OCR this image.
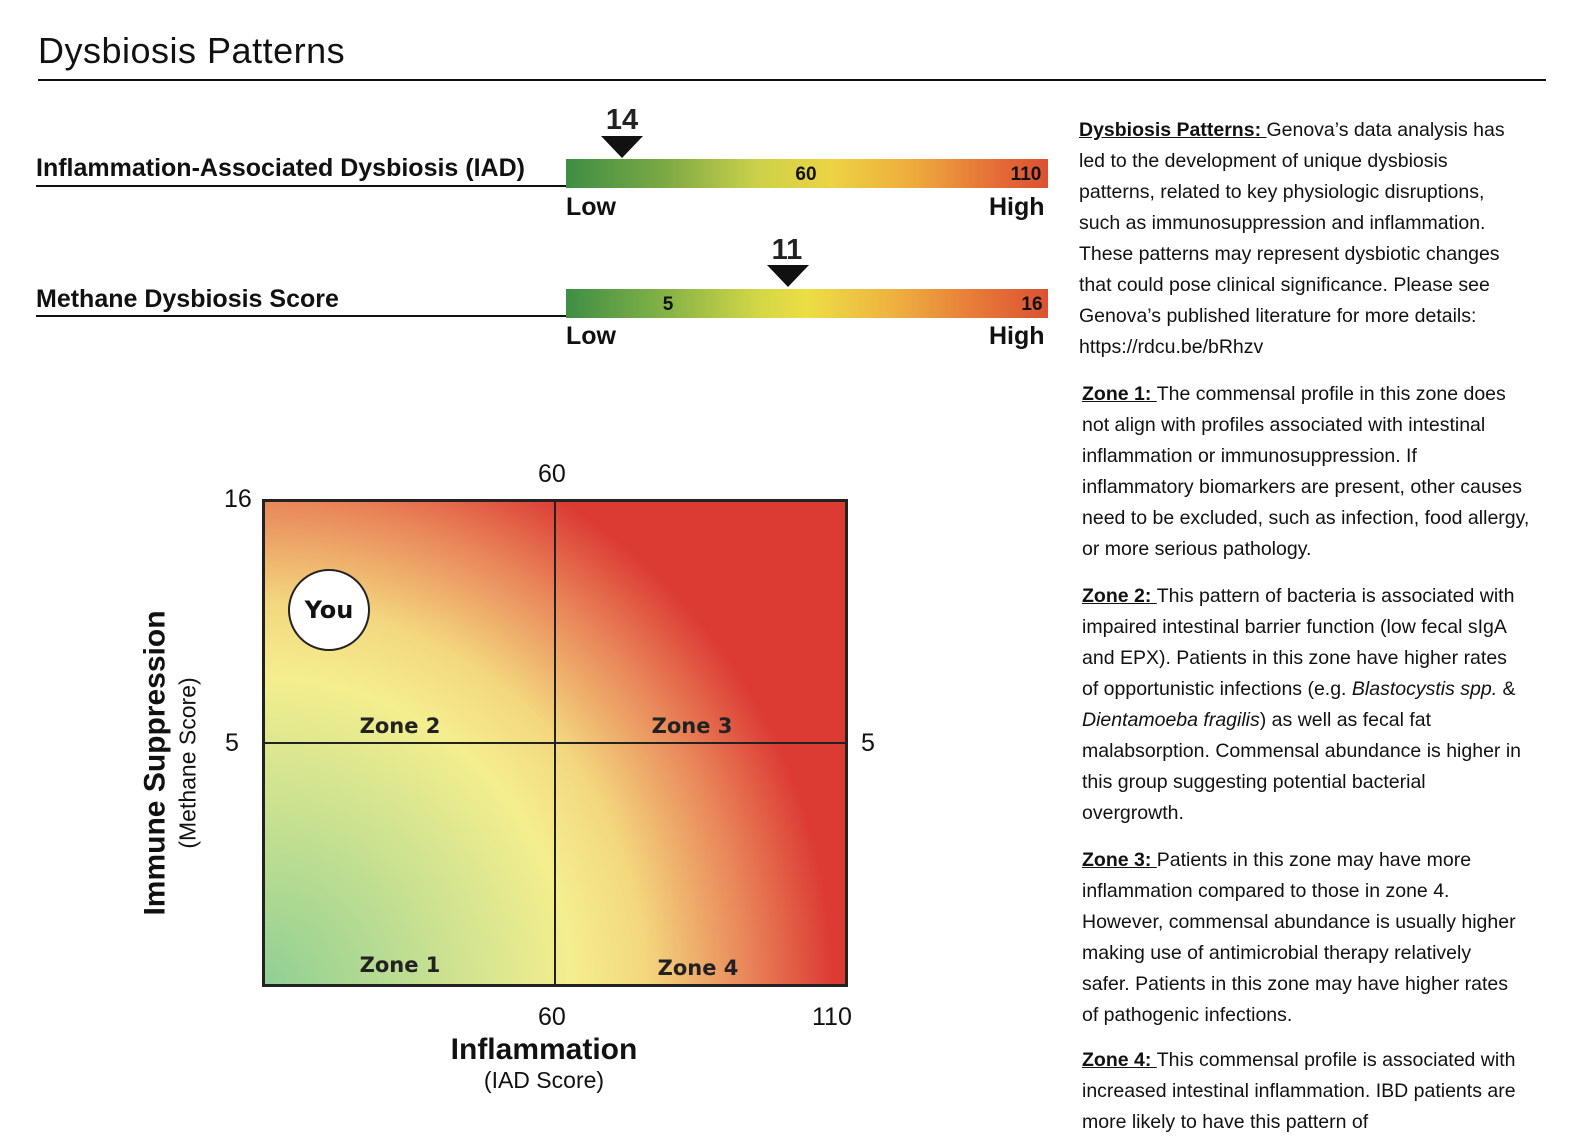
Dysbiosis Patterns
Inflammation-Associated Dysbiosis (IAD)
14
60	110
Low	High
Methane Dysbiosis Score
11
5	16
Low	High
60
16
5	5
Zone 2	Zone 3
Zone 1	Zone 4
You
60	110
Inflammation
(IAD Score)
Immune Suppression (Methane Score)
Dysbiosis Patterns: Genova’s data analysis has led to the development of unique dysbiosis patterns, related to key physiologic disruptions, such as immunosuppression and inflammation. These patterns may represent dysbiotic changes that could pose clinical significance. Please see Genova’s published literature for more details: https://rdcu.be/bRhzv
Zone 1: The commensal profile in this zone does not align with profiles associated with intestinal inflammation or immunosuppression. If inflammatory biomarkers are present, other causes need to be excluded, such as infection, food allergy, or more serious pathology.
Zone 2: This pattern of bacteria is associated with impaired intestinal barrier function (low fecal sIgA and EPX). Patients in this zone have higher rates of opportunistic infections (e.g. Blastocystis spp. & Dientamoeba fragilis) as well as fecal fat malabsorption. Commensal abundance is higher in this group suggesting potential bacterial overgrowth.
Zone 3: Patients in this zone may have more inflammation compared to those in zone 4. However, commensal abundance is usually higher making use of antimicrobial therapy relatively safer. Patients in this zone may have higher rates of pathogenic infections.
Zone 4: This commensal profile is associated with increased intestinal inflammation. IBD patients are more likely to have this pattern of
